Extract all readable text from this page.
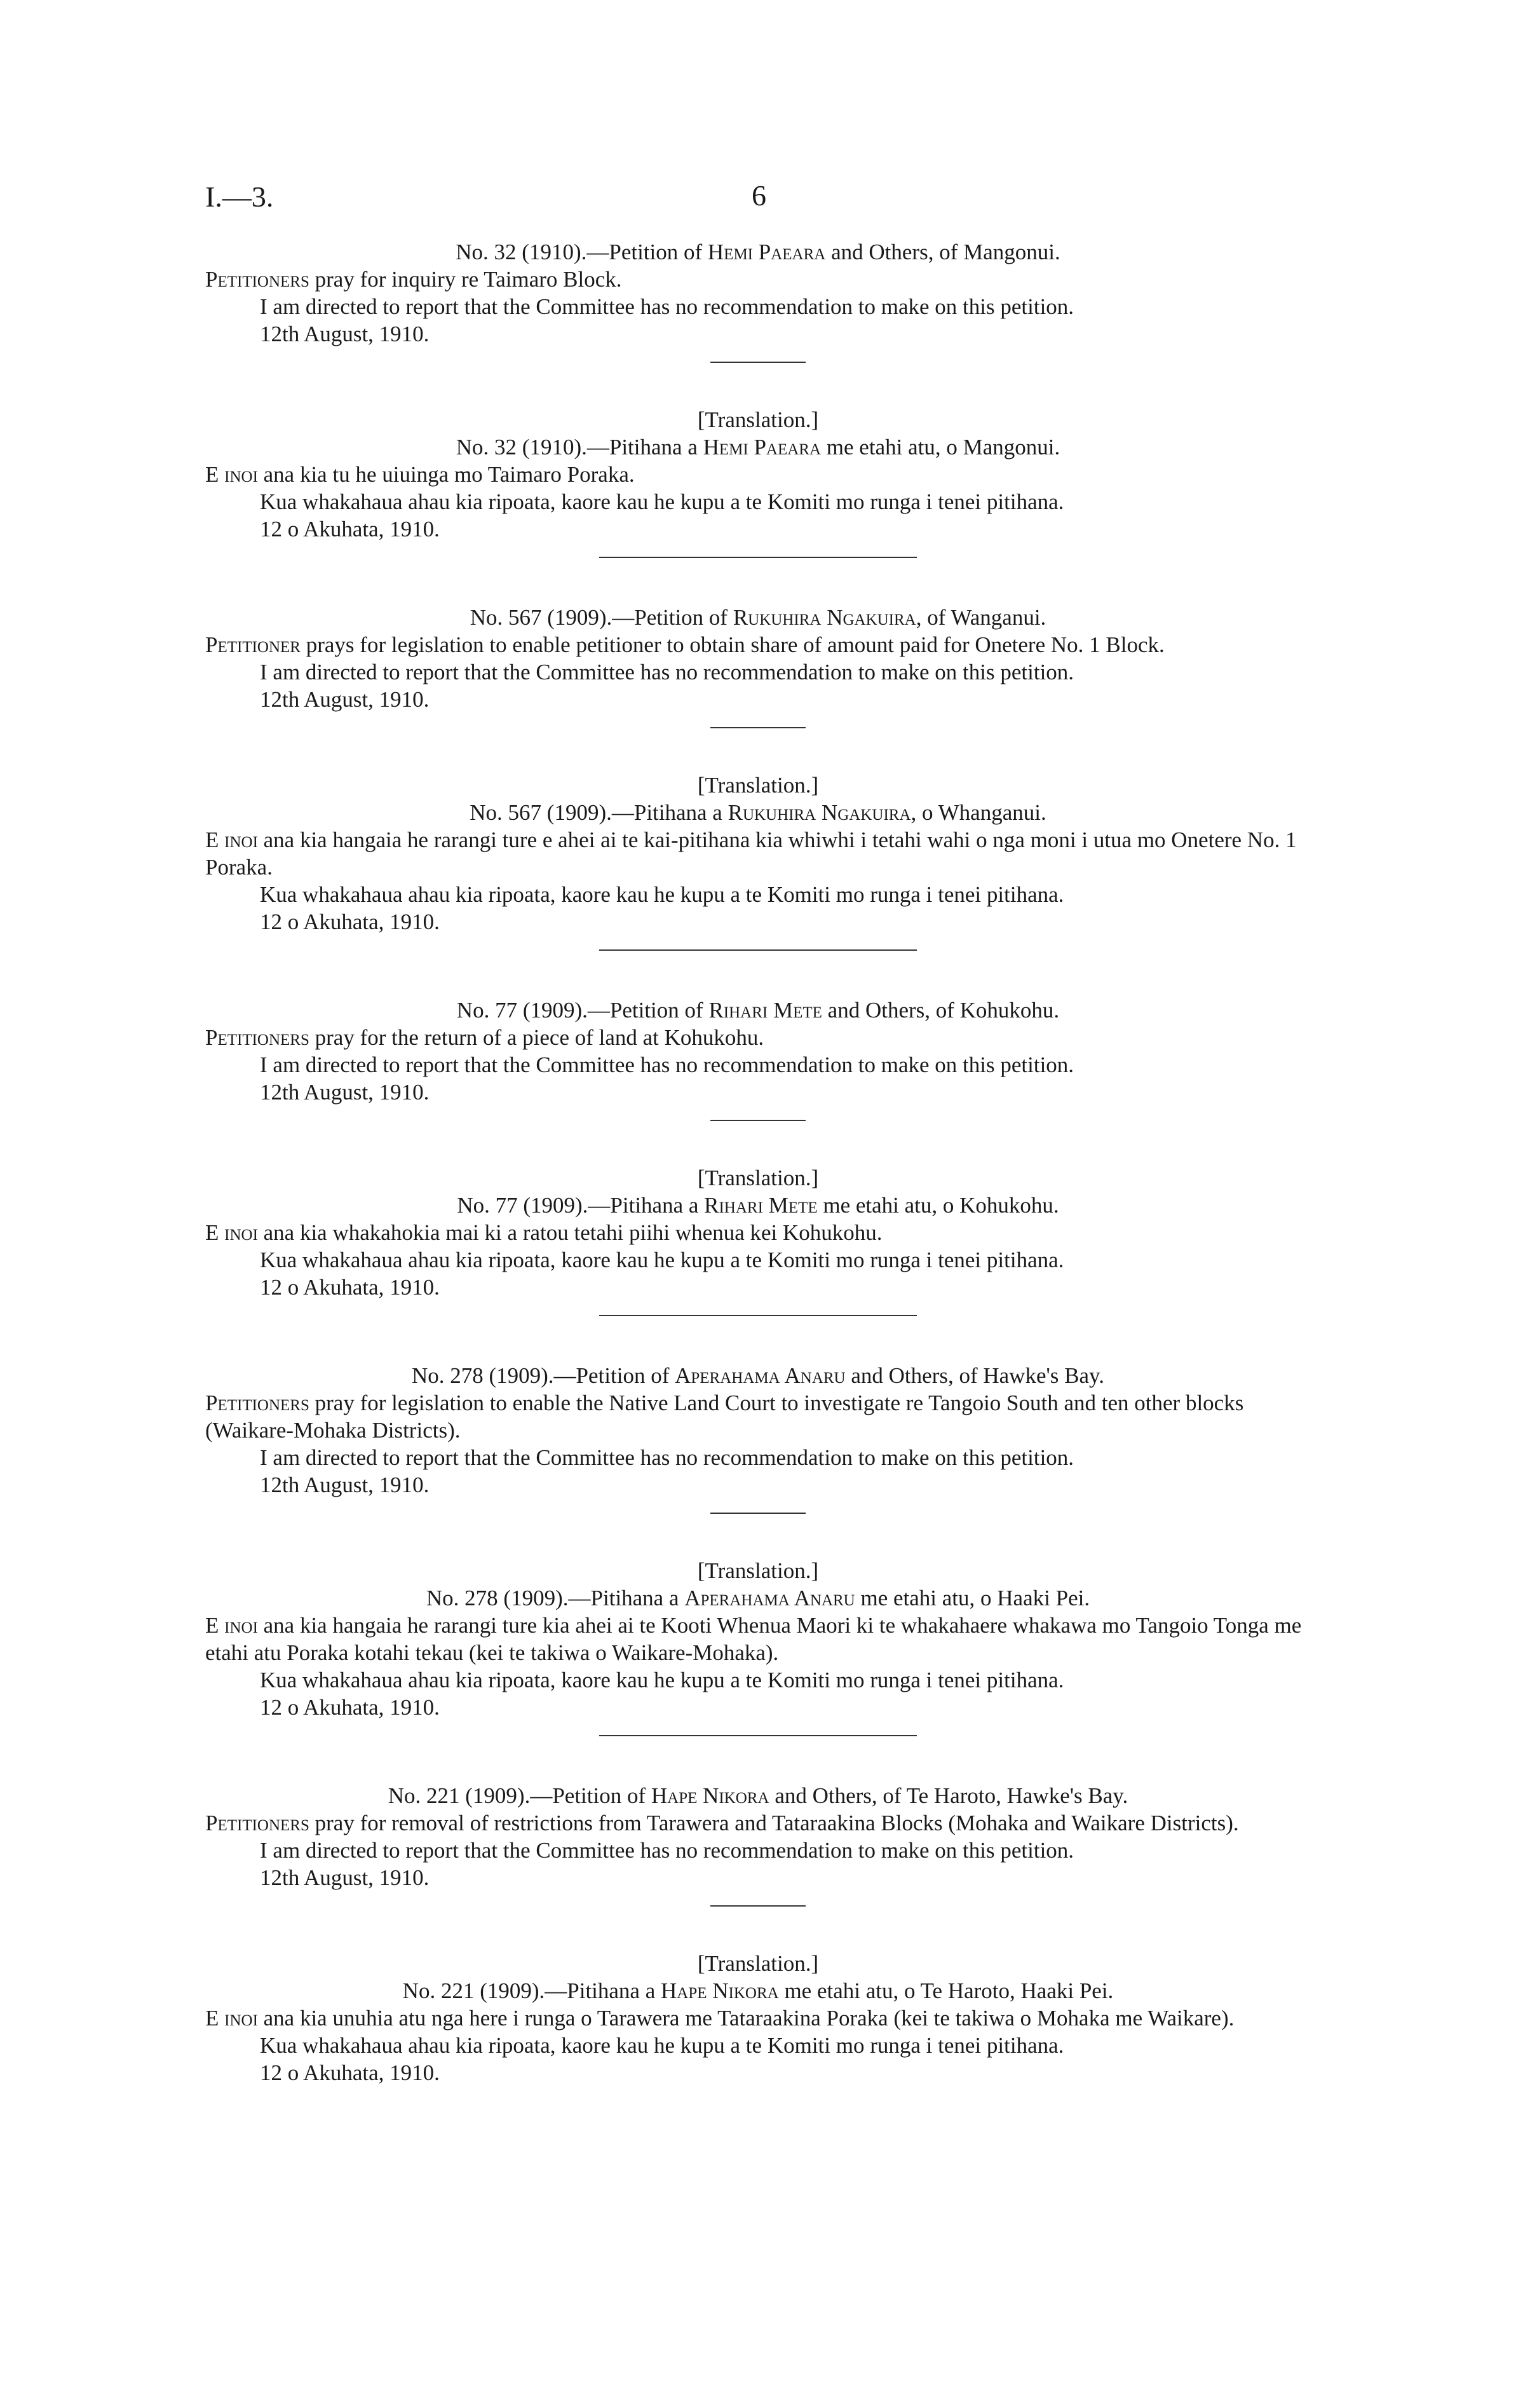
I.—3.	6

No. 32 (1910).—Petition of Hemi Paeara and Others, of Mangonui.

Petitioners pray for inquiry re Taimaro Block.

I am directed to report that the Committee has no recommendation to make on this petition.

12th August, 1910.

[Translation.]

No. 32 (1910).—Pitihana a Hemi Paeara me etahi atu, o Mangonui.

E inoi ana kia tu he uiuinga mo Taimaro Poraka.

Kua whakahaua ahau kia ripoata, kaore kau he kupu a te Komiti mo runga i tenei pitihana.

12 o Akuhata, 1910.

No. 567 (1909).—Petition of Rukuhira Ngakuira, of Wanganui.

Petitioner prays for legislation to enable petitioner to obtain share of amount paid for Onetere No. 1 Block.

I am directed to report that the Committee has no recommendation to make on this petition.

12th August, 1910.

[Translation.]

No. 567 (1909).—Pitihana a Rukuhira Ngakuira, o Whanganui.

E inoi ana kia hangaia he rarangi ture e ahei ai te kai-pitihana kia whiwhi i tetahi wahi o nga moni i utua mo Onetere No. 1 Poraka.

Kua whakahaua ahau kia ripoata, kaore kau he kupu a te Komiti mo runga i tenei pitihana.

12 o Akuhata, 1910.

No. 77 (1909).—Petition of Rihari Mete and Others, of Kohukohu.

Petitioners pray for the return of a piece of land at Kohukohu.

I am directed to report that the Committee has no recommendation to make on this petition.

12th August, 1910.

[Translation.]

No. 77 (1909).—Pitihana a Rihari Mete me etahi atu, o Kohukohu.

E inoi ana kia whakahokia mai ki a ratou tetahi piihi whenua kei Kohukohu.

Kua whakahaua ahau kia ripoata, kaore kau he kupu a te Komiti mo runga i tenei pitihana.

12 o Akuhata, 1910.

No. 278 (1909).—Petition of Aperahama Anaru and Others, of Hawke's Bay.

Petitioners pray for legislation to enable the Native Land Court to investigate re Tangoio South and ten other blocks (Waikare-Mohaka Districts).

I am directed to report that the Committee has no recommendation to make on this petition.

12th August, 1910.

[Translation.]

No. 278 (1909).—Pitihana a Aperahama Anaru me etahi atu, o Haaki Pei.

E inoi ana kia hangaia he rarangi ture kia ahei ai te Kooti Whenua Maori ki te whakahaere whakawa mo Tangoio Tonga me etahi atu Poraka kotahi tekau (kei te takiwa o Waikare-Mohaka).

Kua whakahaua ahau kia ripoata, kaore kau he kupu a te Komiti mo runga i tenei pitihana.

12 o Akuhata, 1910.

No. 221 (1909).—Petition of Hape Nikora and Others, of Te Haroto, Hawke's Bay.

Petitioners pray for removal of restrictions from Tarawera and Tataraakina Blocks (Mohaka and Waikare Districts).

I am directed to report that the Committee has no recommendation to make on this petition.

12th August, 1910.

[Translation.]

No. 221 (1909).—Pitihana a Hape Nikora me etahi atu, o Te Haroto, Haaki Pei.

E inoi ana kia unuhia atu nga here i runga o Tarawera me Tataraakina Poraka (kei te takiwa o Mohaka me Waikare).

Kua whakahaua ahau kia ripoata, kaore kau he kupu a te Komiti mo runga i tenei pitihana.

12 o Akuhata, 1910.
